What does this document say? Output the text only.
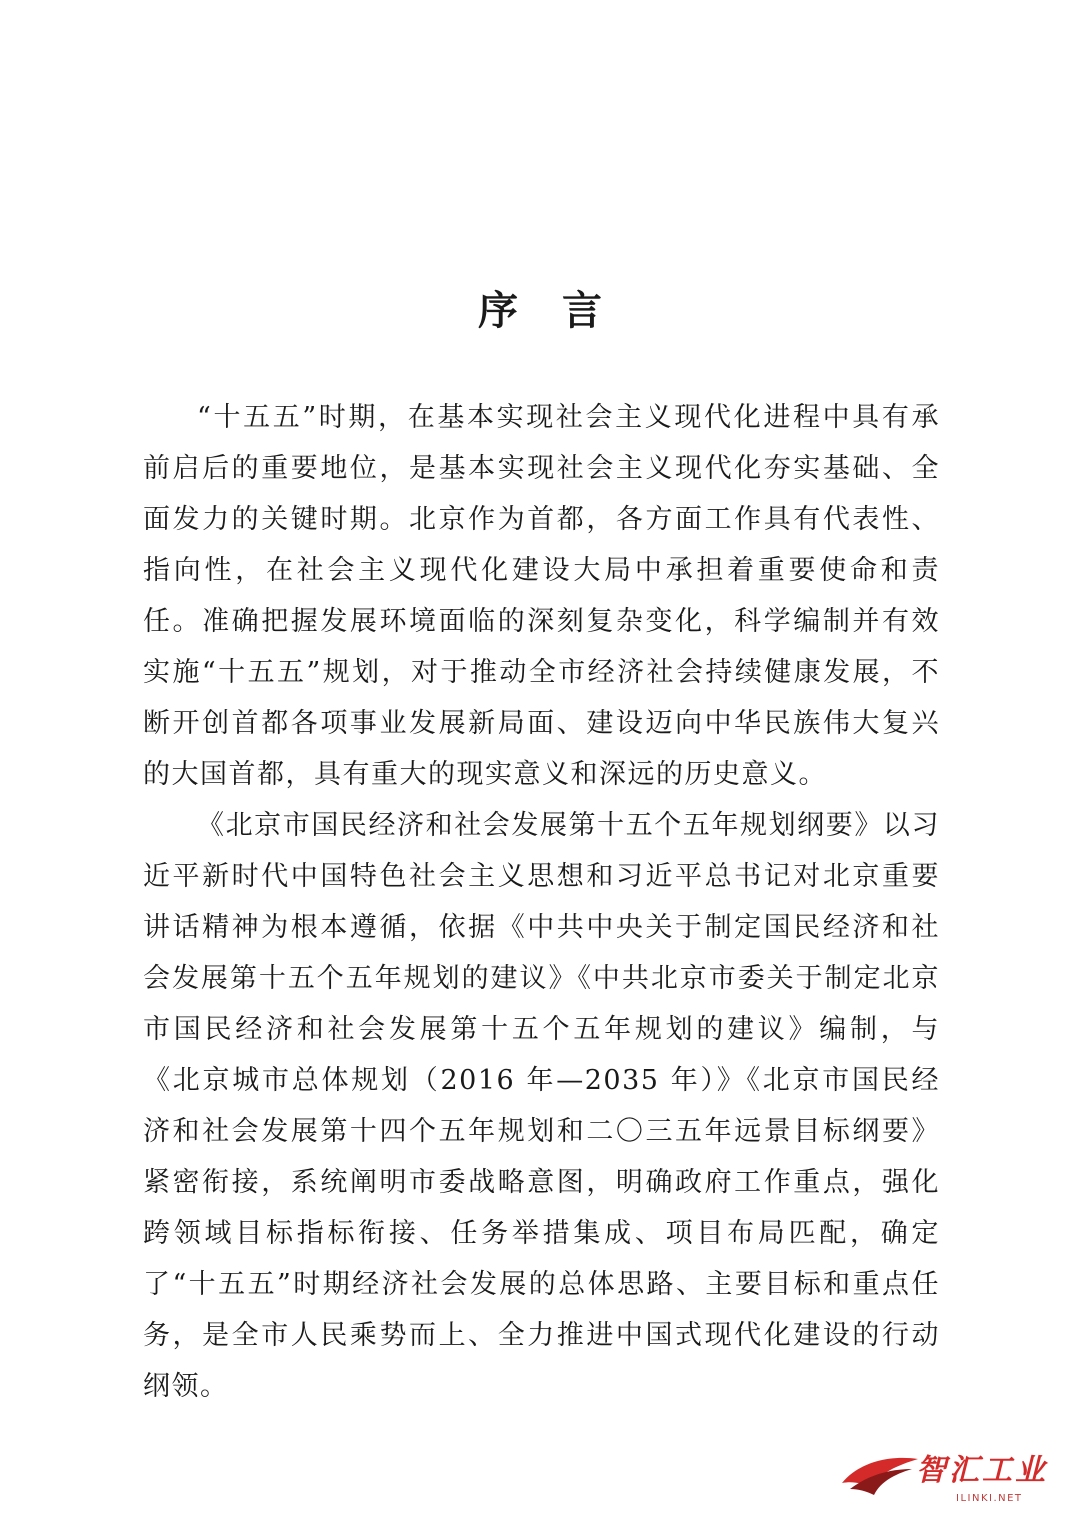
序言

“十五五”时期，在基本实现社会主义现代化进程中具有承前启后的重要地位，是基本实现社会主义现代化夯实基础、全面发力的关键时期。北京作为首都，各方面工作具有代表性、指向性，在社会主义现代化建设大局中承担着重要使命和责任。准确把握发展环境面临的深刻复杂变化，科学编制并有效实施“十五五”规划，对于推动全市经济社会持续健康发展，不断开创首都各项事业发展新局面、建设迈向中华民族伟大复兴的大国首都，具有重大的现实意义和深远的历史意义。

《北京市国民经济和社会发展第十五个五年规划纲要》以习近平新时代中国特色社会主义思想和习近平总书记对北京重要讲话精神为根本遵循，依据《中共中央关于制定国民经济和社会发展第十五个五年规划的建议》《中共北京市委关于制定北京市国民经济和社会发展第十五个五年规划的建议》编制，与《北京城市总体规划（2016 年—2035 年）》《北京市国民经济和社会发展第十四个五年规划和二〇三五年远景目标纲要》紧密衔接，系统阐明市委战略意图，明确政府工作重点，强化跨领域目标指标衔接、任务举措集成、项目布局匹配，确定了“十五五”时期经济社会发展的总体思路、主要目标和重点任务，是全市人民乘势而上、全力推进中国式现代化建设的行动纲领。

智汇工业
ILINKI.NET
